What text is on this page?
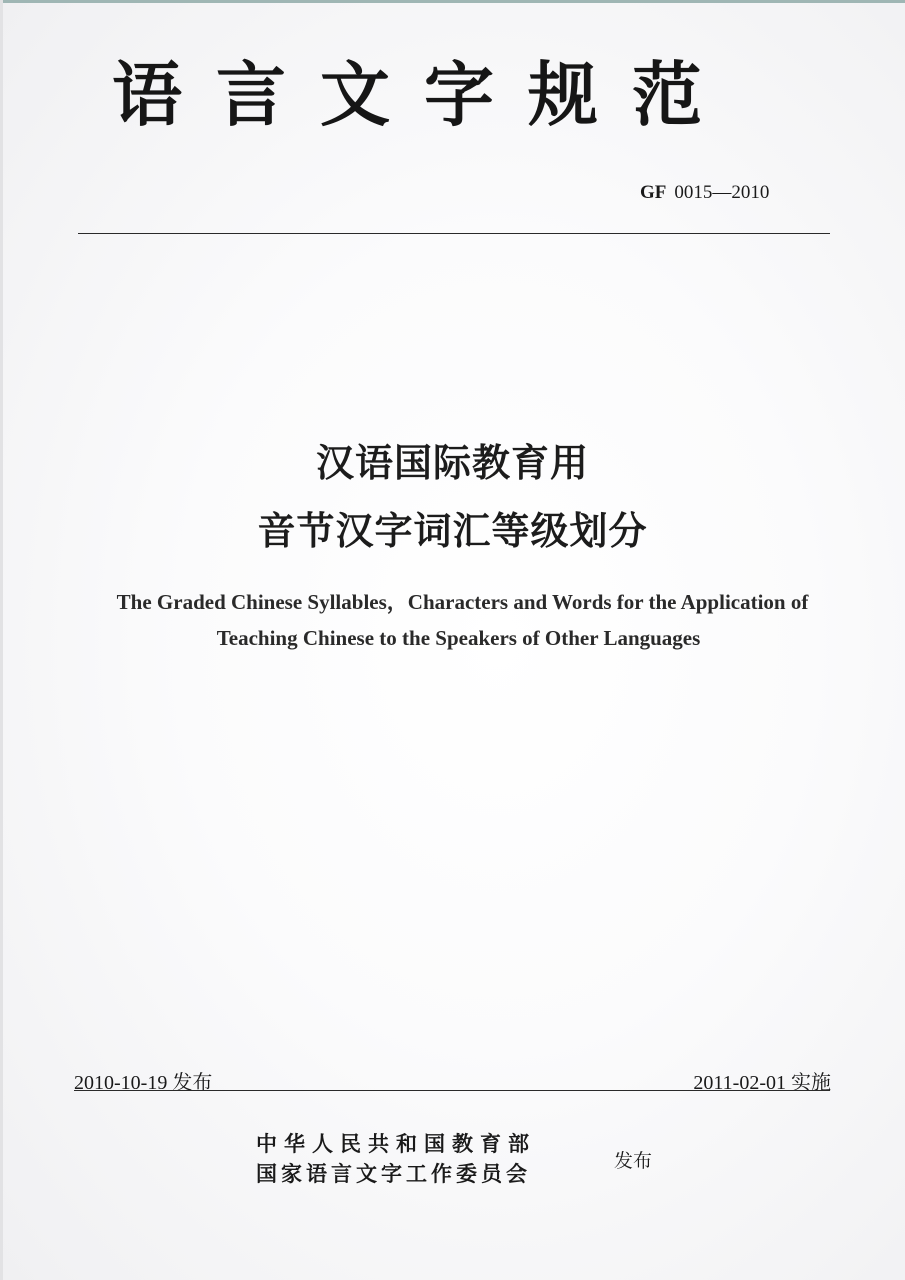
语言文字规范
GF 0015—2010
汉语国际教育用
音节汉字词汇等级划分
The Graded Chinese Syllables，Characters and Words for the Application of
Teaching Chinese to the Speakers of Other Languages
2010-10-19 发布	2011-02-01 实施
中华人民共和国教育部
国家语言文字工作委员会	发布
